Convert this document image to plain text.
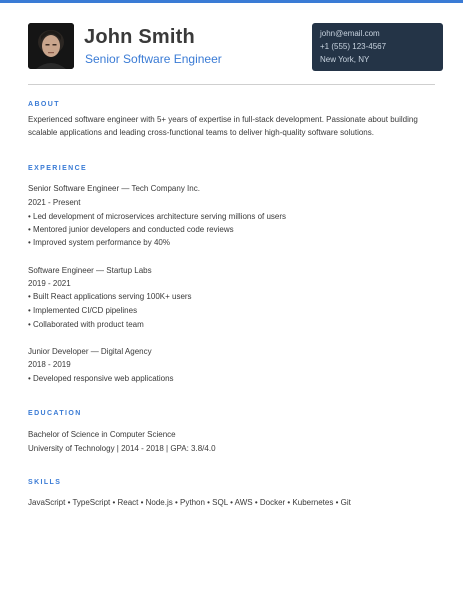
John Smith
Senior Software Engineer
john@email.com
+1 (555) 123-4567
New York, NY
ABOUT
Experienced software engineer with 5+ years of expertise in full-stack development. Passionate about building scalable applications and leading cross-functional teams to deliver high-quality software solutions.
EXPERIENCE
Senior Software Engineer — Tech Company Inc.
2021 - Present
• Led development of microservices architecture serving millions of users
• Mentored junior developers and conducted code reviews
• Improved system performance by 40%
Software Engineer — Startup Labs
2019 - 2021
• Built React applications serving 100K+ users
• Implemented CI/CD pipelines
• Collaborated with product team
Junior Developer — Digital Agency
2018 - 2019
• Developed responsive web applications
EDUCATION
Bachelor of Science in Computer Science
University of Technology | 2014 - 2018 | GPA: 3.8/4.0
SKILLS
JavaScript • TypeScript • React • Node.js • Python • SQL • AWS • Docker • Kubernetes • Git
